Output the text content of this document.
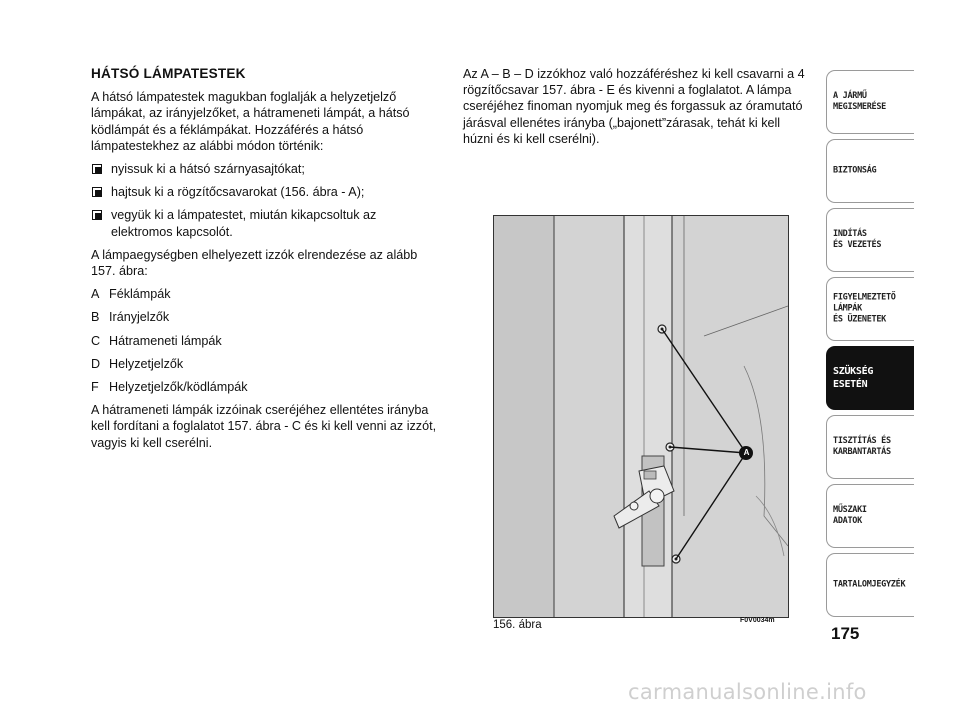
HÁTSÓ LÁMPATESTEK

A hátsó lámpatestek magukban foglalják a helyzetjelző lámpákat, az irányjelzőket, a hátrameneti lámpát, a hátsó ködlámpát és a féklámpákat. Hozzáférés a hátsó lámpatestekhez az alábbi módon történik:

nyissuk ki a hátsó szárnyasajtókat;
hajtsuk ki a rögzítőcsavarokat (156. ábra - A);
vegyük ki a lámpatestet, miután kikapcsoltuk az elektromos kapcsolót.

A lámpaegységben elhelyezett izzók elrendezése az alább 157. ábra:

A Féklámpák
B Irányjelzők
C Hátrameneti lámpák
D Helyzetjelzők
F Helyzetjelzők/ködlámpák

A hátrameneti lámpák izzóinak cseréjéhez ellentétes irányba kell fordítani a foglalatot 157. ábra - C és ki kell venni az izzót, vagyis ki kell cserélni.

Az A – B – D izzókhoz való hozzáféréshez ki kell csavarni a 4 rögzítőcsavar 157. ábra - E és kivenni a foglalatot. A lámpa cseréjéhez finoman nyomjuk meg és forgassuk az óramutató járásval ellenétes irányba („bajonett”zárasak, tehát ki kell húzni és ki kell cserélni).

A
156. ábra	F0V0034m
A JÁRMŰ
MEGISMERÉSE
BIZTONSÁG
INDÍTÁS
ÉS VEZETÉS
FIGYELMEZTETŐ
LÁMPÁK
ÉS ÜZENETEK
SZÜKSÉG
ESETÉN
TISZTÍTÁS ÉS
KARBANTARTÁS
MŰSZAKI
ADATOK
TARTALOMJEGYZÉK
175
carmanualsonline.info
